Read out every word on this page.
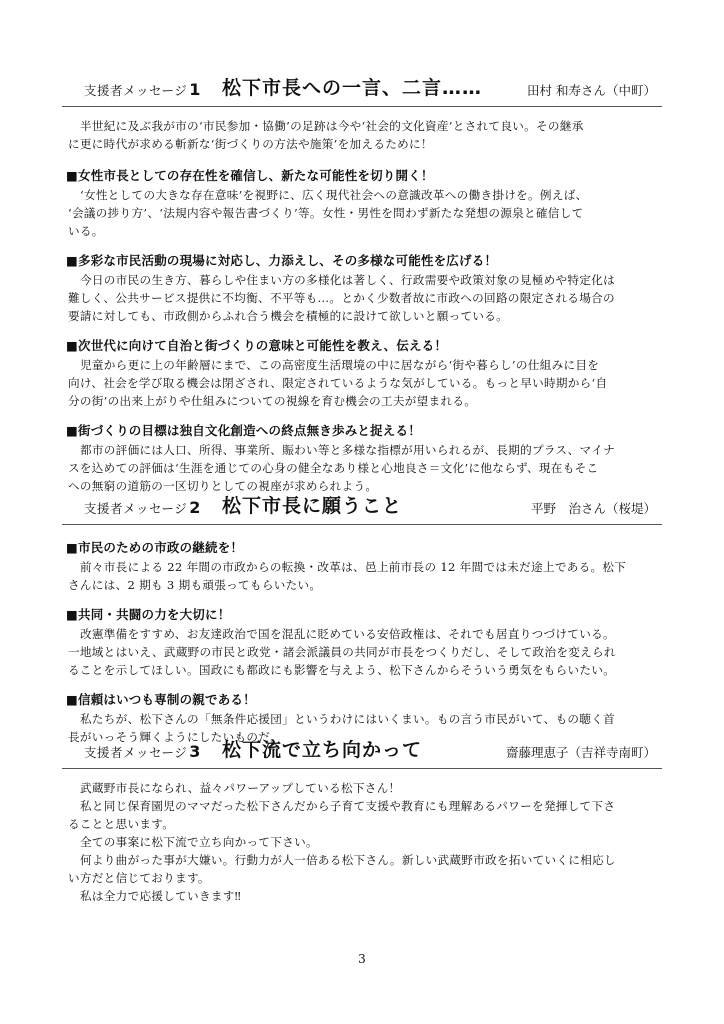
支援者メッセージ 1 松下市長への一言、二言……	田村 和寿さん（中町）

半世紀に及ぶ我が市の‘市民参加・協働’の足跡は今や‘社会的文化資産’とされて良い。その継承

に更に時代が求める斬新な‘街づくりの方法や施策’を加えるために！

■女性市長としての存在性を確信し、新たな可能性を切り開く！

‘女性としての大きな存在意味’を視野に、広く現代社会への意識改革への働き掛けを。例えば、

‘会議の捗り方’、‘法規内容や報告書づくり’等。女性・男性を問わず新たな発想の源泉と確信して

いる。

■多彩な市民活動の現場に対応し、力添えし、その多様な可能性を広げる！

今日の市民の生き方、暮らしや住まい方の多様化は著しく、行政需要や政策対象の見極めや特定化は

難しく、公共サービス提供に不均衡、不平等も…。とかく少数者故に市政への回路の限定される場合の

要請に対しても、市政側からふれ合う機会を積極的に設けて欲しいと願っている。

■次世代に向けて自治と街づくりの意味と可能性を教え、伝える！

児童から更に上の年齢層にまで、この高密度生活環境の中に居ながら‘街や暮らし’の仕組みに目を

向け、社会を学び取る機会は閉ざされ、限定されているような気がしている。もっと早い時期から‘自

分の街’の出来上がりや仕組みについての視線を育む機会の工夫が望まれる。

■街づくりの目標は独自文化創造への終点無き歩みと捉える！

都市の評価には人口、所得、事業所、賑わい等と多様な指標が用いられるが、長期的プラス、マイナ

スを込めての評価は‘生涯を通じての心身の健全なあり様と心地良さ＝文化’に他ならず、現在もそこ

への無窮の道筋の一区切りとしての視座が求められよう。

支援者メッセージ 2 松下市長に願うこと	平野　治さん（桜堤）
■市民のための市政の継続を！

前々市長による 22 年間の市政からの転換・改革は、邑上前市長の 12 年間では未だ途上である。松下

さんには、2 期も 3 期も頑張ってもらいたい。

■共同・共闘の力を大切に！

改憲準備をすすめ、お友達政治で国を混乱に貶めている安倍政権は、それでも居直りつづけている。

一地域とはいえ、武蔵野の市民と政党・諸会派議員の共同が市長をつくりだし、そして政治を変えられ

ることを示してほしい。国政にも都政にも影響を与えよう、松下さんからそういう勇気をもらいたい。

■信頼はいつも専制の親である！

私たちが、松下さんの「無条件応援団」というわけにはいくまい。もの言う市民がいて、もの聴く首

長がいっそう輝くようにしたいものだ。

支援者メッセージ 3 松下流で立ち向かって	齋藤理恵子（吉祥寺南町）

武蔵野市長になられ、益々パワーアップしている松下さん！

私と同じ保育園児のママだった松下さんだから子育て支援や教育にも理解あるパワーを発揮して下さ

ることと思います。

全ての事案に松下流で立ち向かって下さい。

何より曲がった事が大嫌い。行動力が人一倍ある松下さん。新しい武蔵野市政を拓いていくに相応し

い方だと信じております。

私は全力で応援していきます‼

3
